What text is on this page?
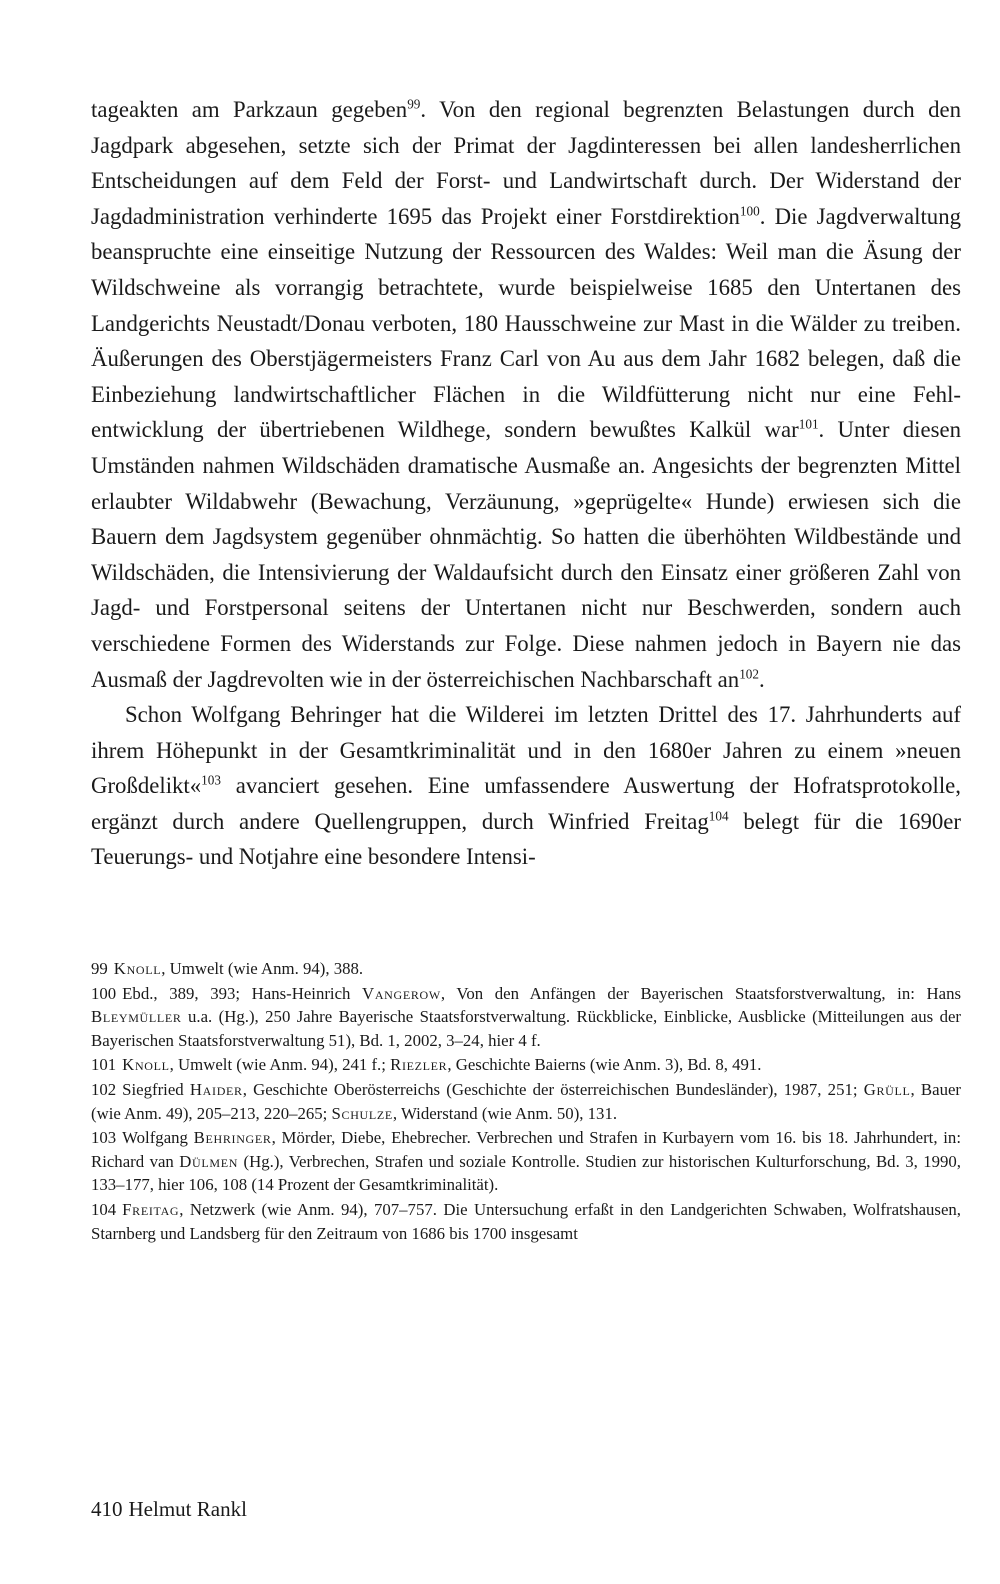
tageakten am Parkzaun gegeben$^{99}$. Von den regional begrenzten Belastungen durch den Jagdpark abgesehen, setzte sich der Primat der Jagdinteressen bei allen landesherrlichen Entscheidungen auf dem Feld der Forst- und Landwirtschaft durch. Der Widerstand der Jagdadministration verhinderte 1695 das Projekt einer Forstdirektion$^{100}$. Die Jagdverwaltung beanspruchte eine einseitige Nutzung der Ressourcen des Waldes: Weil man die Äsung der Wildschweine als vorrangig betrachtete, wurde beispielweise 1685 den Untertanen des Landgerichts Neustadt/Donau verboten, 180 Hausschweine zur Mast in die Wälder zu treiben. Äußerungen des Oberstjägermeisters Franz Carl von Au aus dem Jahr 1682 belegen, daß die Einbeziehung landwirtschaftlicher Flächen in die Wildfütterung nicht nur eine Fehlentwicklung der übertriebenen Wildhege, sondern bewußtes Kalkül war$^{101}$. Unter diesen Umständen nahmen Wildschäden dramatische Ausmaße an. Angesichts der begrenzten Mittel erlaubter Wildabwehr (Bewachung, Verzäunung, »geprügelte« Hunde) erwiesen sich die Bauern dem Jagdsystem gegenüber ohnmächtig. So hatten die überhöhten Wildbestände und Wildschäden, die Intensivierung der Waldaufsicht durch den Einsatz einer größeren Zahl von Jagd- und Forstpersonal seitens der Untertanen nicht nur Beschwerden, sondern auch verschiedene Formen des Widerstands zur Folge. Diese nahmen jedoch in Bayern nie das Ausmaß der Jagdrevolten wie in der österreichischen Nachbarschaft $an^{102}$.

Schon Wolfgang Behringer hat die Wilderei im letzten Drittel des 17. Jahrhunderts auf ihrem Höhepunkt in der Gesamtkriminalität und in den 1680er Jahren zu einem »neuen Großdelikt«$^{103}$ avanciert gesehen. Eine umfassendere Auswertung der Hofratsprotokolle, ergänzt durch andere Quellengruppen, durch Winfried Freitag$^{104}$ belegt für die 1690er Teuerungs- und Notjahre eine besondere Intensi-

99 Knoll, Umwelt (wie Anm. 94), 388.

100 Ebd., 389, 393; Hans-Heinrich Vangerow, Von den Anfängen der Bayerischen Staatsforstverwaltung, in: Hans Bleymüller u.a. (Hg.), 250 Jahre Bayerische Staatsforstverwaltung. Rückblicke, Einblicke, Ausblicke (Mitteilungen aus der Bayerischen Staatsforstverwaltung 51), Bd. 1, 2002, 3–24, hier 4 f.

101 Knoll, Umwelt (wie Anm. 94), 241 f.; Riezler, Geschichte Baierns (wie Anm. 3), Bd. 8, 491.

102 Siegfried Haider, Geschichte Oberösterreichs (Geschichte der österreichischen Bundesländer), 1987, 251; Grüll, Bauer (wie Anm. 49), 205–213, 220–265; Schulze, Widerstand (wie Anm. 50), 131.

103 Wolfgang Behringer, Mörder, Diebe, Ehebrecher. Verbrechen und Strafen in Kurbayern vom 16. bis 18. Jahrhundert, in: Richard van Dülmen (Hg.), Verbrechen, Strafen und soziale Kontrolle. Studien zur historischen Kulturforschung, Bd. 3, 1990, 133–177, hier 106, 108 (14 Prozent der Gesamtkriminalität).

104 Freitag, Netzwerk (wie Anm. 94), 707–757. Die Untersuchung erfaßt in den Landgerichten Schwaben, Wolfratshausen, Starnberg und Landsberg für den Zeitraum von 1686 bis 1700 insgesamt

410 Helmut Rankl
